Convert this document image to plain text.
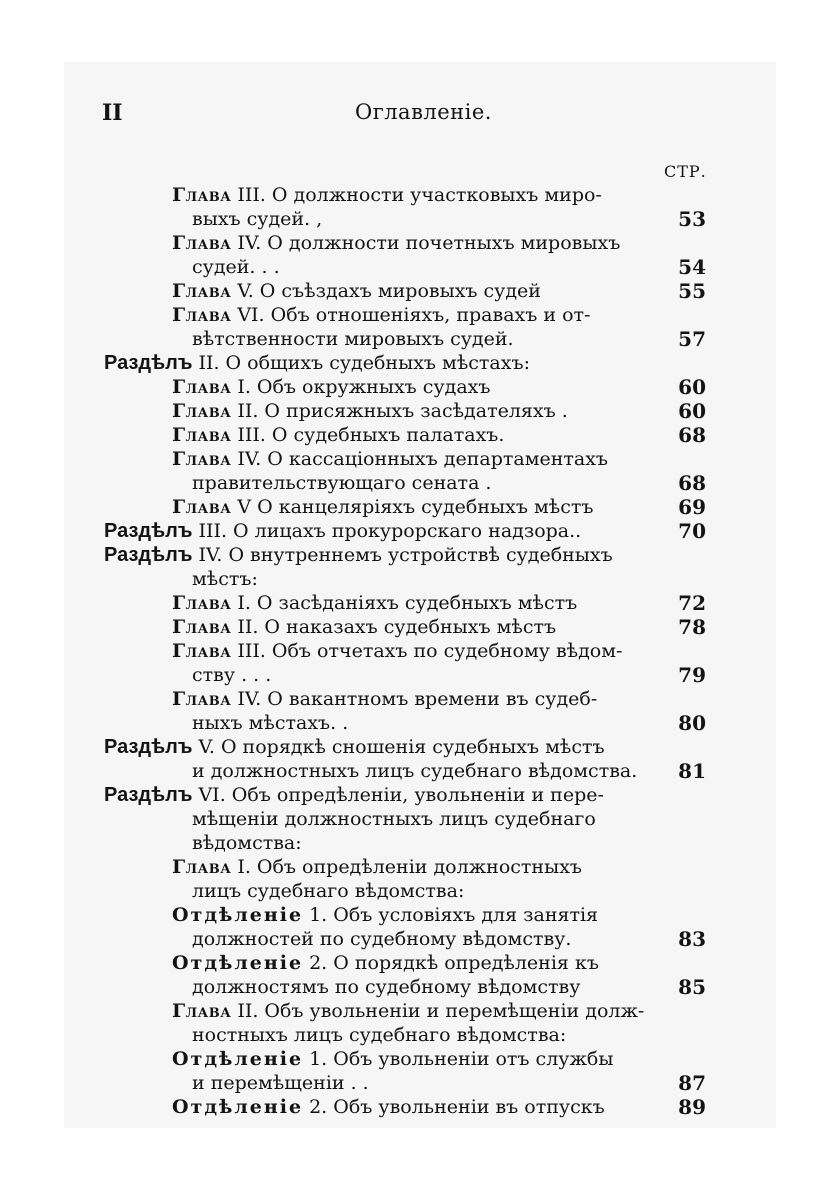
II	Оглавленіе.
СТР.
Глава III. О должности участковыхъ миро-
выхъ судей. ,	53
Глава IV. О должности почетныхъ мировыхъ
судей. . .	54
Глава V. О съѣздахъ мировыхъ судей	55
Глава VI. Объ отношеніяхъ, правахъ и от-
вѣтственности мировыхъ судей.	57
Раздѣлъ II. О общихъ судебныхъ мѣстахъ:
Глава I. Объ окружныхъ судахъ	60
Глава II. О присяжныхъ засѣдателяхъ .	60
Глава III. О судебныхъ палатахъ.	68
Глава IV. О кассаціонныхъ департаментахъ
правительствующаго сената .	68
Глава V О канцеляріяхъ судебныхъ мѣстъ	69
Раздѣлъ III. О лицахъ прокурорскаго надзора..	70
Раздѣлъ IV. О внутреннемъ устройствѣ судебныхъ
мѣстъ:
Глава I. О засѣданіяхъ судебныхъ мѣстъ	72
Глава II. О наказахъ судебныхъ мѣстъ	78
Глава III. Объ отчетахъ по судебному вѣдом-
ству . . .	79
Глава IV. О вакантномъ времени въ судеб-
ныхъ мѣстахъ. .	80
Раздѣлъ V. О порядкѣ сношенія судебныхъ мѣстъ
и должностныхъ лицъ судебнаго вѣдомства.	81
Раздѣлъ VI. Объ опредѣленіи, увольненіи и пере-
мѣщеніи должностныхъ лицъ судебнаго
вѣдомства:
Глава I. Объ опредѣленіи должностныхъ
лицъ судебнаго вѣдомства:
Отдѣленіе 1. Объ условіяхъ для занятія
должностей по судебному вѣдомству.	83
Отдѣленіе 2. О порядкѣ опредѣленія къ
должностямъ по судебному вѣдомству	85
Глава II. Объ увольненіи и перемѣщеніи долж-
ностныхъ лицъ судебнаго вѣдомства:
Отдѣленіе 1. Объ увольненіи отъ службы
и перемѣщеніи . .	87
Отдѣленіе 2. Объ увольненіи въ отпускъ	89
